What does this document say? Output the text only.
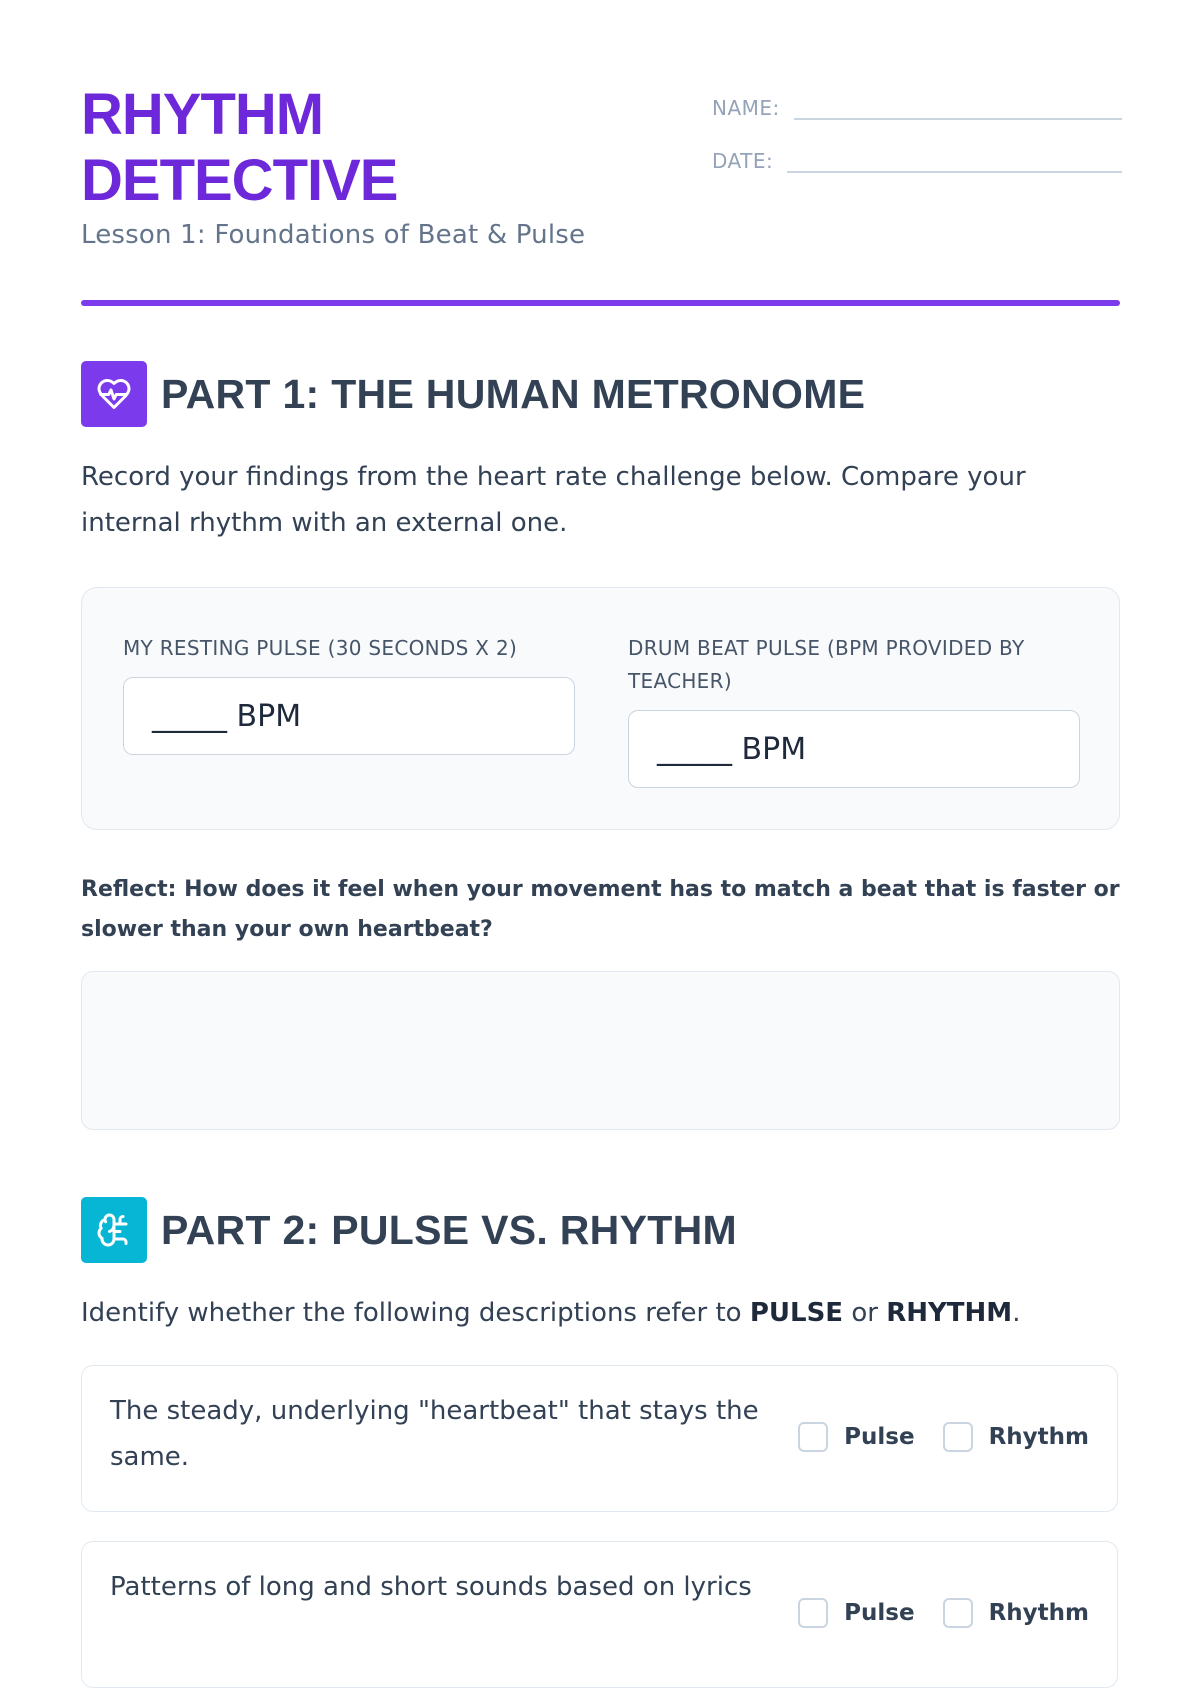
RHYTHM
DETECTIVE
Lesson 1: Foundations of Beat & Pulse
NAME:
DATE:
PART 1: THE HUMAN METRONOME
Record your findings from the heart rate challenge below. Compare your internal rhythm with an external one.
MY RESTING PULSE (30 SECONDS X 2)
_____ BPM
DRUM BEAT PULSE (BPM PROVIDED BY TEACHER)
_____ BPM
Reflect: How does it feel when your movement has to match a beat that is faster or slower than your own heartbeat?
PART 2: PULSE VS. RHYTHM
Identify whether the following descriptions refer to PULSE or RHYTHM.
The steady, underlying "heartbeat" that stays the same.
Pulse	Rhythm
Patterns of long and short sounds based on lyrics
Pulse	Rhythm
